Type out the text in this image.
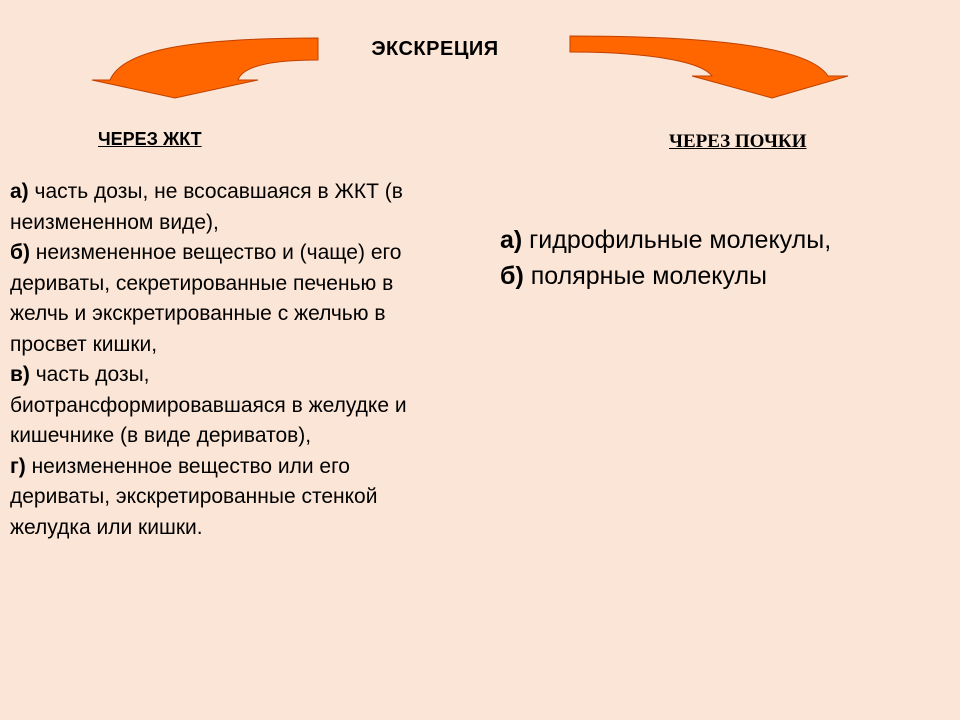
ЭКСКРЕЦИЯ
ЧЕРЕЗ ЖКТ	ЧЕРЕЗ ПОЧКИ
а) часть дозы, не всосавшаяся в ЖКТ (в неизмененном виде),
б) неизмененное вещество и (чаще) его дериваты, секретированные печенью в желчь и экскретированные с желчью в просвет кишки,
в) часть дозы, биотрансформировавшаяся в желудке и кишечнике (в виде дериватов),
г) неизмененное вещество или его дериваты, экскретированные стенкой желудка или кишки.
а) гидрофильные молекулы,
б) полярные молекулы
